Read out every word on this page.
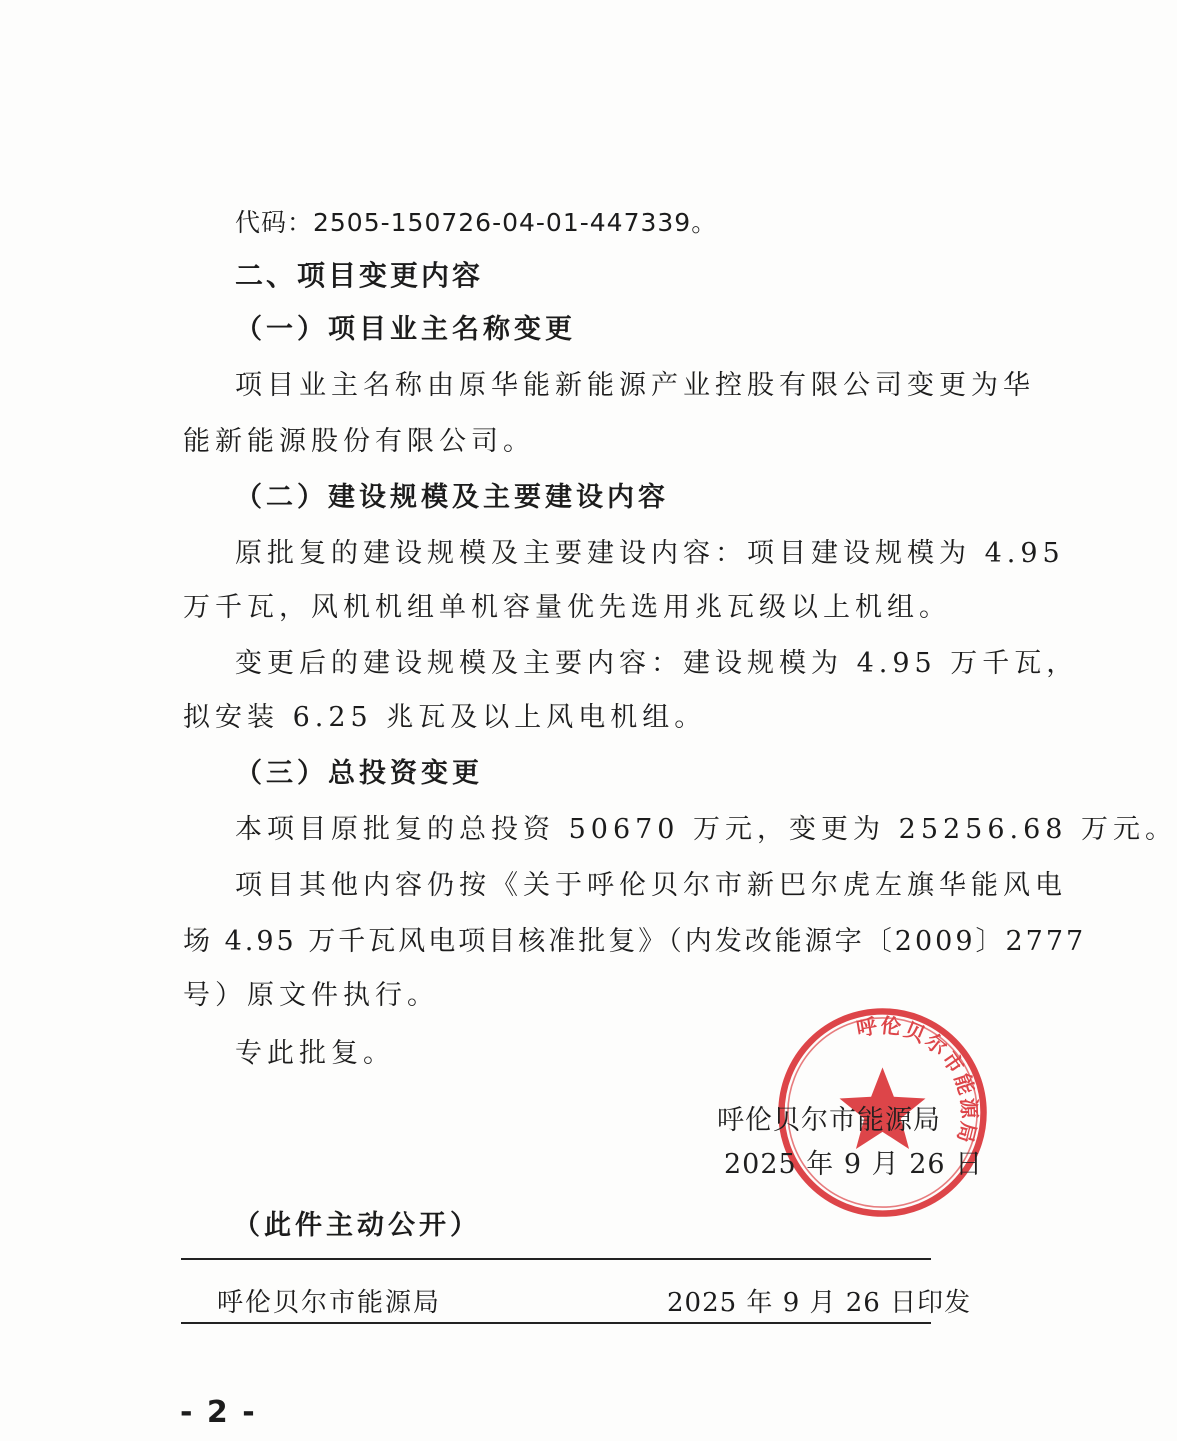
代码：2505-150726-04-01-447339。
二、项目变更内容
（一）项目业主名称变更
项目业主名称由原华能新能源产业控股有限公司变更为华
能新能源股份有限公司。
（二）建设规模及主要建设内容
原批复的建设规模及主要建设内容：项目建设规模为 4.95
万千瓦，风机机组单机容量优先选用兆瓦级以上机组。
变更后的建设规模及主要内容：建设规模为 4.95 万千瓦，
拟安装 6.25 兆瓦及以上风电机组。
（三）总投资变更
本项目原批复的总投资 50670 万元，变更为 25256.68 万元。
项目其他内容仍按《关于呼伦贝尔市新巴尔虎左旗华能风电
场 4.95 万千瓦风电项目核准批复》（内发改能源字〔2009〕2777
号）原文件执行。
专此批复。
呼伦贝尔市能源局
呼伦贝尔市能源局
2025 年 9 月 26 日
（此件主动公开）
呼伦贝尔市能源局	2025 年 9 月 26 日印发
- 2 -
